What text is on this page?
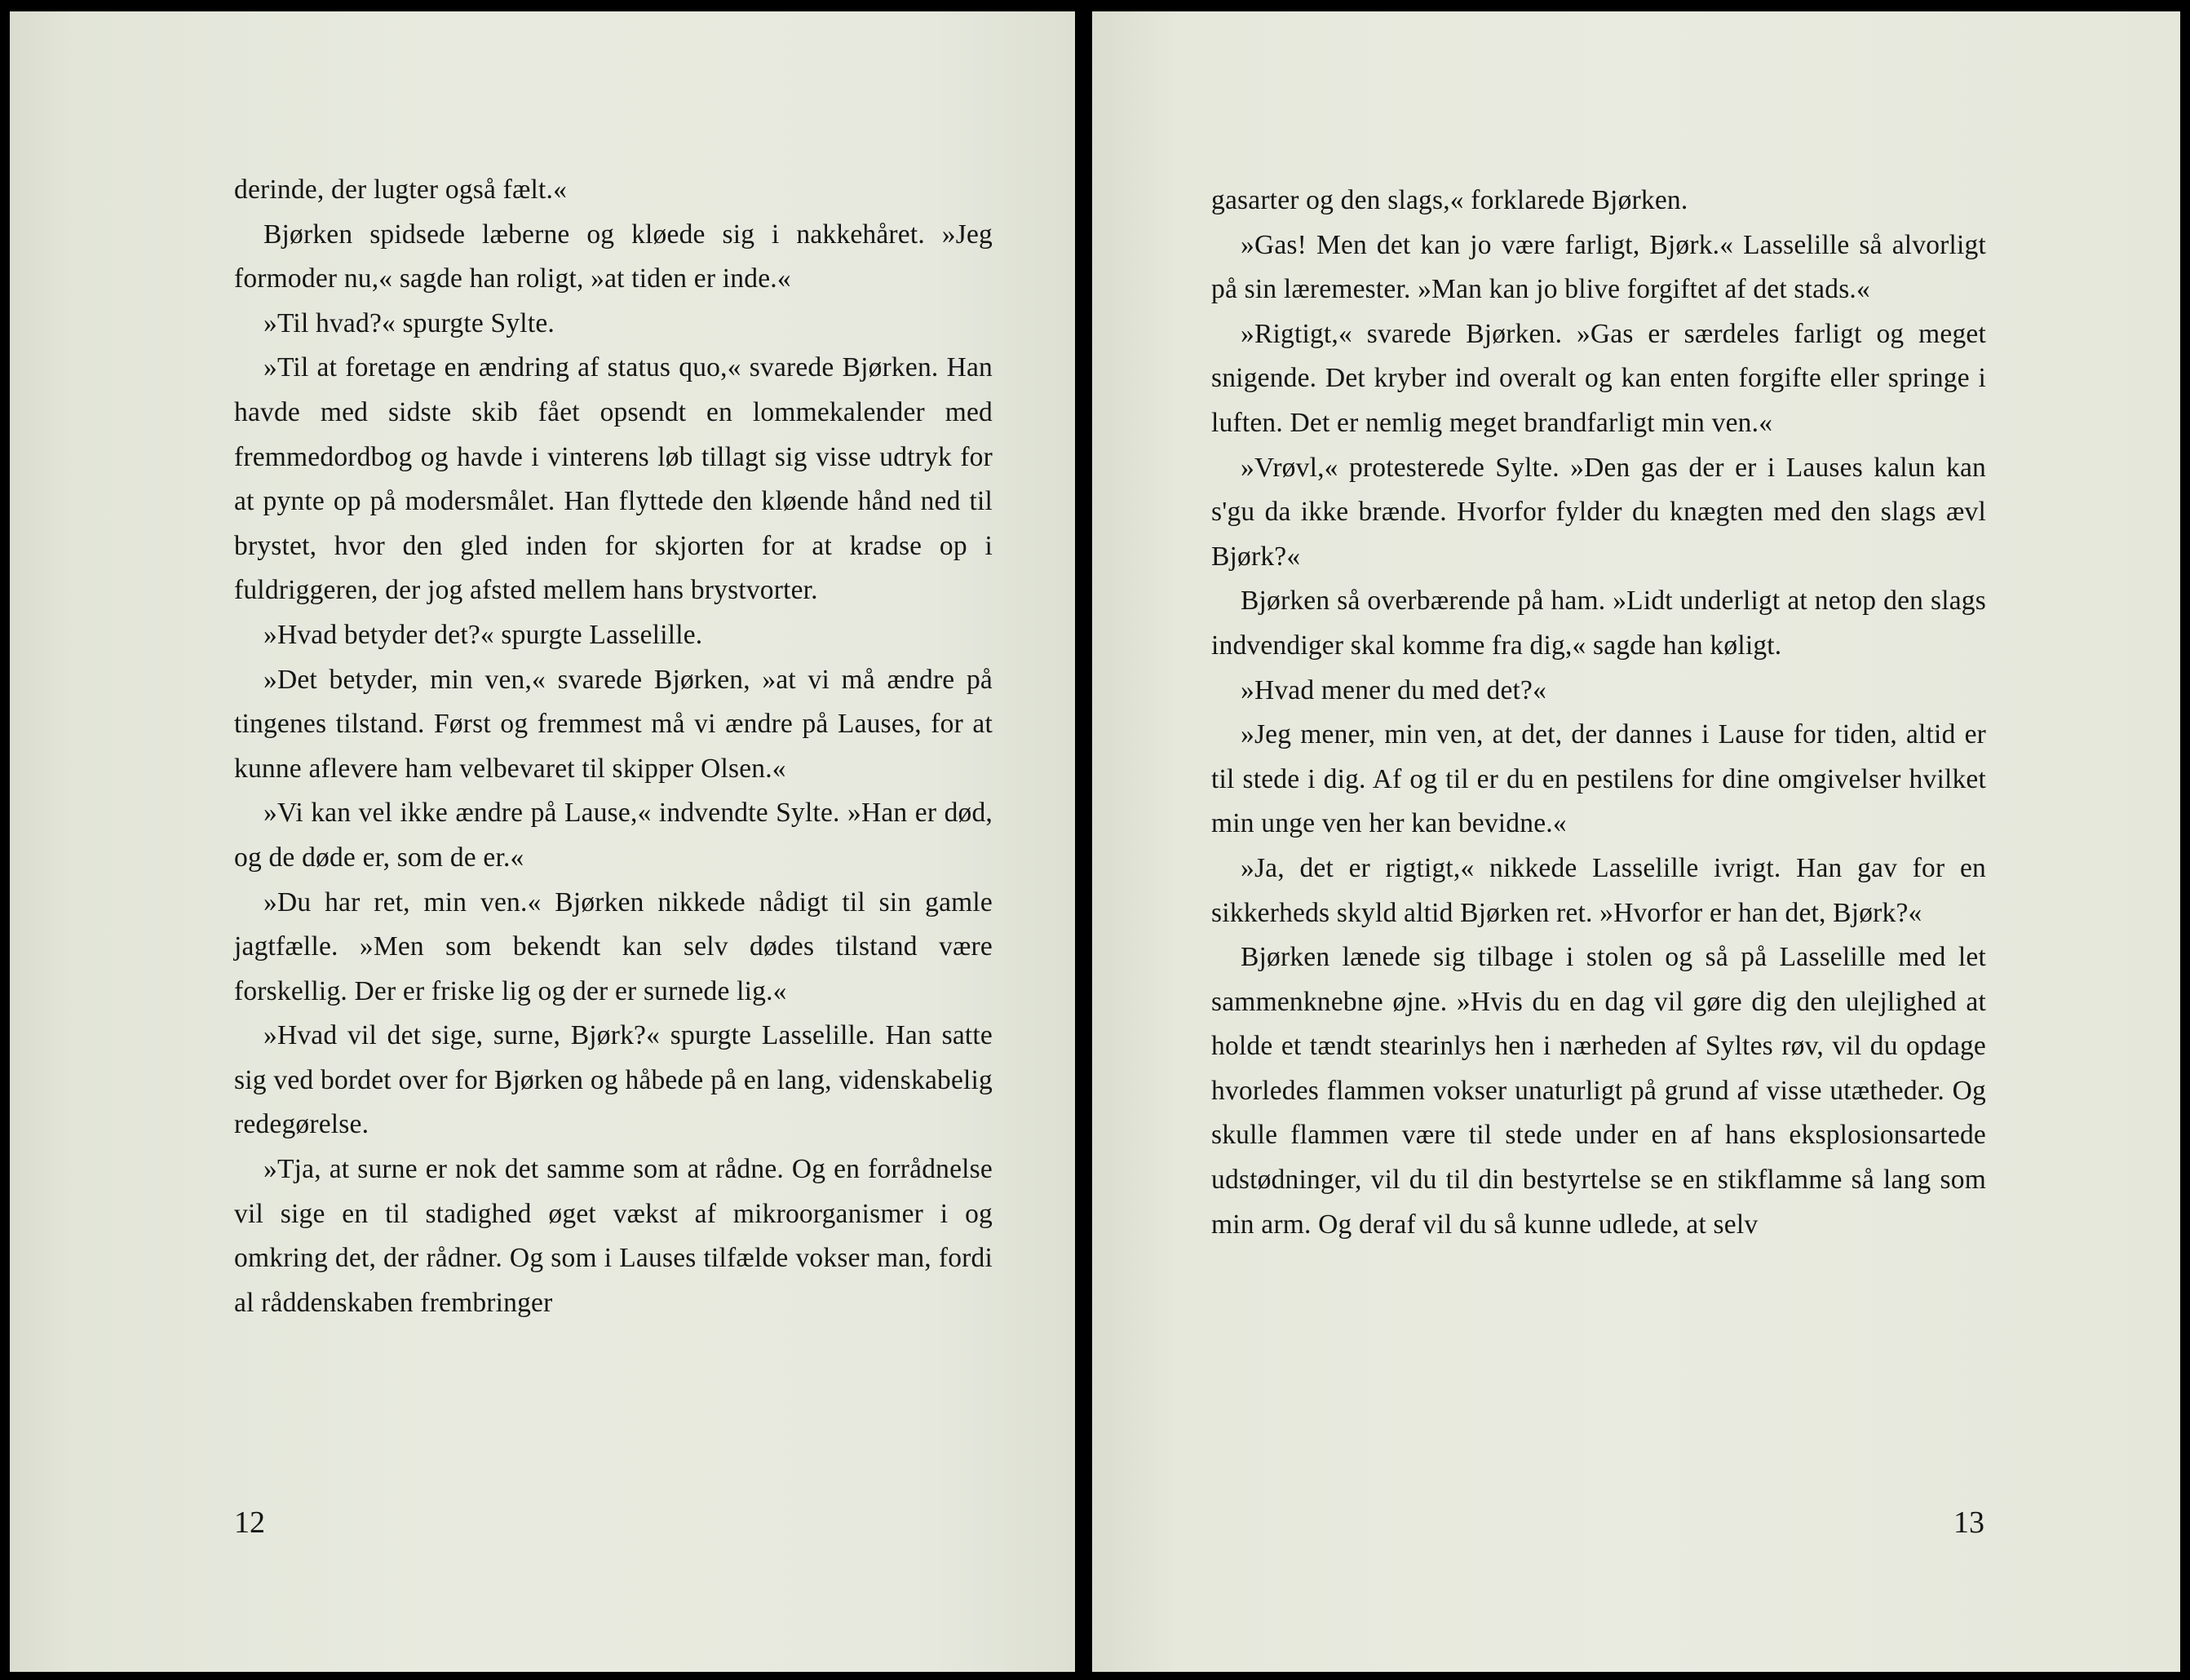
derinde, der lugter også fælt.«

Bjørken spidsede læberne og kløede sig i nakkehåret. »Jeg formoder nu,« sagde han roligt, »at tiden er inde.«

»Til hvad?« spurgte Sylte.

»Til at foretage en ændring af status quo,« svarede Bjørken. Han havde med sidste skib fået opsendt en lommekalender med fremmedordbog og havde i vinterens løb tillagt sig visse udtryk for at pynte op på modersmålet. Han flyttede den kløende hånd ned til brystet, hvor den gled inden for skjorten for at kradse op i fuldriggeren, der jog afsted mellem hans brystvorter.

»Hvad betyder det?« spurgte Lasselille.

»Det betyder, min ven,« svarede Bjørken, »at vi må ændre på tingenes tilstand. Først og fremmest må vi ændre på Lauses, for at kunne aflevere ham velbevaret til skipper Olsen.«

»Vi kan vel ikke ændre på Lause,« indvendte Sylte. »Han er død, og de døde er, som de er.«

»Du har ret, min ven.« Bjørken nikkede nådigt til sin gamle jagtfælle. »Men som bekendt kan selv dødes tilstand være forskellig. Der er friske lig og der er surnede lig.«

»Hvad vil det sige, surne, Bjørk?« spurgte Lasselille. Han satte sig ved bordet over for Bjørken og håbede på en lang, videnskabelig redegørelse.

»Tja, at surne er nok det samme som at rådne. Og en forrådnelse vil sige en til stadighed øget vækst af mikroorganismer i og omkring det, der rådner. Og som i Lauses tilfælde vokser man, fordi al råddenskaben frembringer

12

gasarter og den slags,« forklarede Bjørken.

»Gas! Men det kan jo være farligt, Bjørk.« Lasselille så alvorligt på sin læremester. »Man kan jo blive forgiftet af det stads.«

»Rigtigt,« svarede Bjørken. »Gas er særdeles farligt og meget snigende. Det kryber ind overalt og kan enten forgifte eller springe i luften. Det er nemlig meget brandfarligt min ven.«

»Vrøvl,« protesterede Sylte. »Den gas der er i Lauses kalun kan s'gu da ikke brænde. Hvorfor fylder du knægten med den slags ævl Bjørk?«

Bjørken så overbærende på ham. »Lidt underligt at netop den slags indvendiger skal komme fra dig,« sagde han køligt.

»Hvad mener du med det?«

»Jeg mener, min ven, at det, der dannes i Lause for tiden, altid er til stede i dig. Af og til er du en pestilens for dine omgivelser hvilket min unge ven her kan bevidne.«

»Ja, det er rigtigt,« nikkede Lasselille ivrigt. Han gav for en sikkerheds skyld altid Bjørken ret. »Hvorfor er han det, Bjørk?«

Bjørken lænede sig tilbage i stolen og så på Lasselille med let sammenknebne øjne. »Hvis du en dag vil gøre dig den ulejlighed at holde et tændt stearinlys hen i nærheden af Syltes røv, vil du opdage hvorledes flammen vokser unaturligt på grund af visse utætheder. Og skulle flammen være til stede under en af hans eksplosionsartede udstødninger, vil du til din bestyrtelse se en stikflamme så lang som min arm. Og deraf vil du så kunne udlede, at selv

13
